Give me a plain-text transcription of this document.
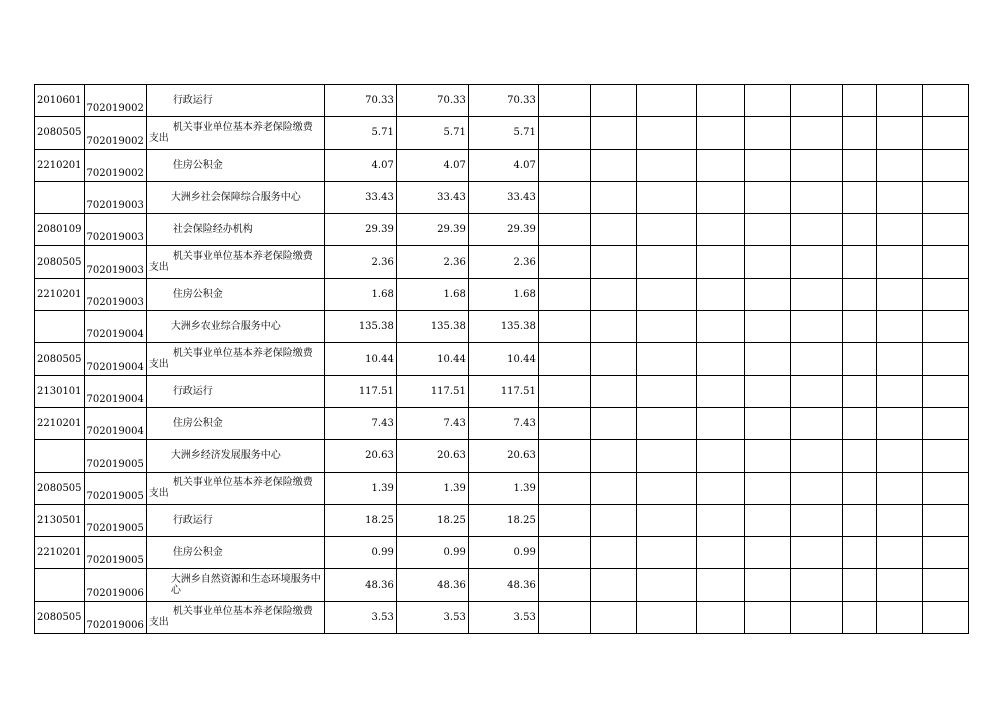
2010601	702019002	行政运行	70.33	70.33	70.33									
2080505	702019002	机关事业单位基本养老保险缴费支出	5.71	5.71	5.71									
2210201	702019002	住房公积金	4.07	4.07	4.07									
	702019003	大洲乡社会保障综合服务中心	33.43	33.43	33.43									
2080109	702019003	社会保险经办机构	29.39	29.39	29.39									
2080505	702019003	机关事业单位基本养老保险缴费支出	2.36	2.36	2.36									
2210201	702019003	住房公积金	1.68	1.68	1.68									
	702019004	大洲乡农业综合服务中心	135.38	135.38	135.38									
2080505	702019004	机关事业单位基本养老保险缴费支出	10.44	10.44	10.44									
2130101	702019004	行政运行	117.51	117.51	117.51									
2210201	702019004	住房公积金	7.43	7.43	7.43									
	702019005	大洲乡经济发展服务中心	20.63	20.63	20.63									
2080505	702019005	机关事业单位基本养老保险缴费支出	1.39	1.39	1.39									
2130501	702019005	行政运行	18.25	18.25	18.25									
2210201	702019005	住房公积金	0.99	0.99	0.99									
	702019006	大洲乡自然资源和生态环境服务中心	48.36	48.36	48.36									
2080505	702019006	机关事业单位基本养老保险缴费支出	3.53	3.53	3.53									
